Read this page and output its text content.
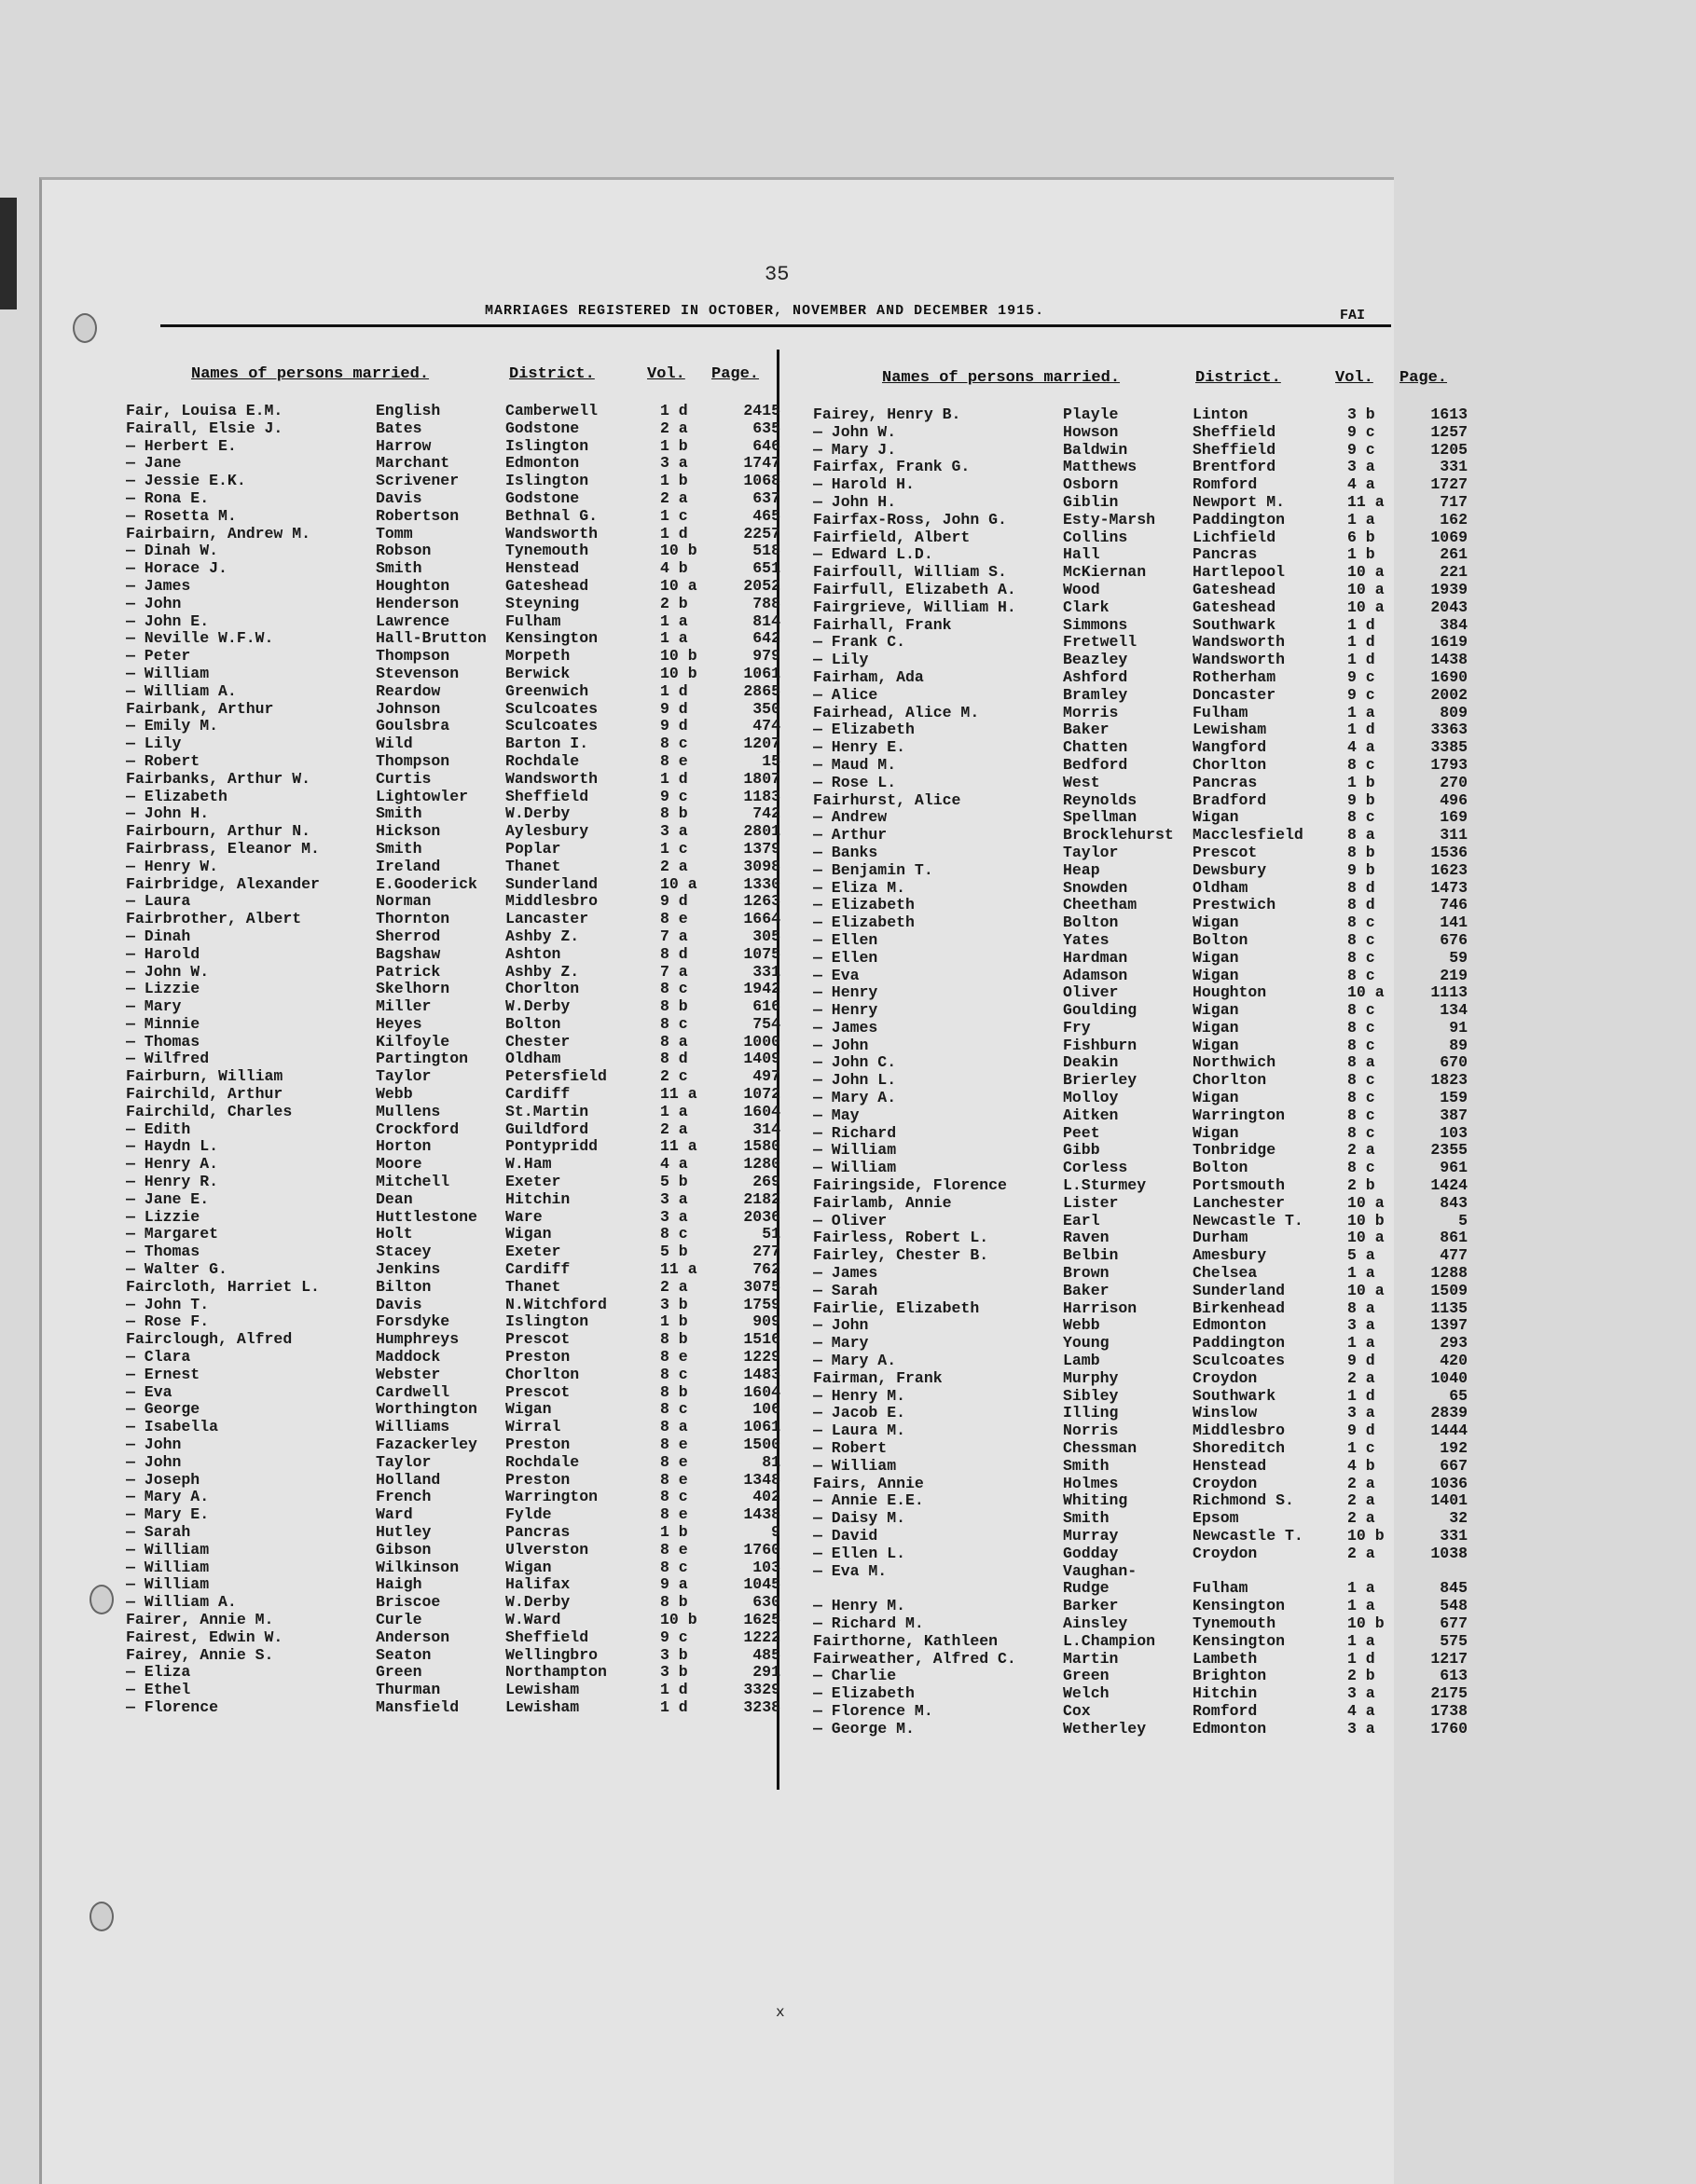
35
MARRIAGES REGISTERED IN OCTOBER, NOVEMBER AND DECEMBER 1915.	FAI
Names of persons married.	District.	Vol. Page.	Names of persons married.	District.	Vol. Page.
Fair, Louisa E.M.	English	Camberwell	1 d	2415
Fairall, Elsie J.	Bates	Godstone	2 a	635
— Herbert E.	Harrow	Islington	1 b	646
— Jane	Marchant	Edmonton	3 a	1747
— Jessie E.K.	Scrivener	Islington	1 b	1068
— Rona E.	Davis	Godstone	2 a	637
— Rosetta M.	Robertson	Bethnal G.	1 c	465
Fairbairn, Andrew M.	Tomm	Wandsworth	1 d	2257
— Dinah W.	Robson	Tynemouth	10 b	518
— Horace J.	Smith	Henstead	4 b	651
— James	Houghton	Gateshead	10 a	2052
— John	Henderson	Steyning	2 b	788
— John E.	Lawrence	Fulham	1 a	814
— Neville W.F.W.	Hall-Brutton	Kensington	1 a	642
— Peter	Thompson	Morpeth	10 b	979
— William	Stevenson	Berwick	10 b	1061
— William A.	Reardow	Greenwich	1 d	2865
Fairbank, Arthur	Johnson	Sculcoates	9 d	350
— Emily M.	Goulsbra	Sculcoates	9 d	474
— Lily	Wild	Barton I.	8 c	1207
— Robert	Thompson	Rochdale	8 e	15
Fairbanks, Arthur W.	Curtis	Wandsworth	1 d	1807
— Elizabeth	Lightowler	Sheffield	9 c	1183
— John H.	Smith	W.Derby	8 b	742
Fairbourn, Arthur N.	Hickson	Aylesbury	3 a	2801
Fairbrass, Eleanor M.	Smith	Poplar	1 c	1379
— Henry W.	Ireland	Thanet	2 a	3098
Fairbridge, Alexander	E.Gooderick	Sunderland	10 a	1330
— Laura	Norman	Middlesbro	9 d	1263
Fairbrother, Albert	Thornton	Lancaster	8 e	1664
— Dinah	Sherrod	Ashby Z.	7 a	305
— Harold	Bagshaw	Ashton	8 d	1075
— John W.	Patrick	Ashby Z.	7 a	331
— Lizzie	Skelhorn	Chorlton	8 c	1942
— Mary	Miller	W.Derby	8 b	616
— Minnie	Heyes	Bolton	8 c	754
— Thomas	Kilfoyle	Chester	8 a	1000
— Wilfred	Partington	Oldham	8 d	1409
Fairburn, William	Taylor	Petersfield	2 c	497
Fairchild, Arthur	Webb	Cardiff	11 a	1072
Fairchild, Charles	Mullens	St.Martin	1 a	1604
— Edith	Crockford	Guildford	2 a	314
— Haydn L.	Horton	Pontypridd	11 a	1580
— Henry A.	Moore	W.Ham	4 a	1280
— Henry R.	Mitchell	Exeter	5 b	269
— Jane E.	Dean	Hitchin	3 a	2182
— Lizzie	Huttlestone	Ware	3 a	2036
— Margaret	Holt	Wigan	8 c	51
— Thomas	Stacey	Exeter	5 b	277
— Walter G.	Jenkins	Cardiff	11 a	762
Faircloth, Harriet L.	Bilton	Thanet	2 a	3075
— John T.	Davis	N.Witchford	3 b	1759
— Rose F.	Forsdyke	Islington	1 b	909
Fairclough, Alfred	Humphreys	Prescot	8 b	1516
— Clara	Maddock	Preston	8 e	1229
— Ernest	Webster	Chorlton	8 c	1483
— Eva	Cardwell	Prescot	8 b	1604
— George	Worthington	Wigan	8 c	106
— Isabella	Williams	Wirral	8 a	1061
— John	Fazackerley	Preston	8 e	1500
— John	Taylor	Rochdale	8 e	81
— Joseph	Holland	Preston	8 e	1348
— Mary A.	French	Warrington	8 c	402
— Mary E.	Ward	Fylde	8 e	1438
— Sarah	Hutley	Pancras	1 b	9
— William	Gibson	Ulverston	8 e	1760
— William	Wilkinson	Wigan	8 c	103
— William	Haigh	Halifax	9 a	1045
— William A.	Briscoe	W.Derby	8 b	630
Fairer, Annie M.	Curle	W.Ward	10 b	1625
Fairest, Edwin W.	Anderson	Sheffield	9 c	1222
Fairey, Annie S.	Seaton	Wellingbro	3 b	485
— Eliza	Green	Northampton	3 b	291
— Ethel	Thurman	Lewisham	1 d	3329
— Florence	Mansfield	Lewisham	1 d	3238
Fairey, Henry B.	Playle	Linton	3 b	1613
— John W.	Howson	Sheffield	9 c	1257
— Mary J.	Baldwin	Sheffield	9 c	1205
Fairfax, Frank G.	Matthews	Brentford	3 a	331
— Harold H.	Osborn	Romford	4 a	1727
— John H.	Giblin	Newport M.	11 a	717
Fairfax-Ross, John G.	Esty-Marsh	Paddington	1 a	162
Fairfield, Albert	Collins	Lichfield	6 b	1069
— Edward L.D.	Hall	Pancras	1 b	261
Fairfoull, William S.	McKiernan	Hartlepool	10 a	221
Fairfull, Elizabeth A.	Wood	Gateshead	10 a	1939
Fairgrieve, William H.	Clark	Gateshead	10 a	2043
Fairhall, Frank	Simmons	Southwark	1 d	384
— Frank C.	Fretwell	Wandsworth	1 d	1619
— Lily	Beazley	Wandsworth	1 d	1438
Fairham, Ada	Ashford	Rotherham	9 c	1690
— Alice	Bramley	Doncaster	9 c	2002
Fairhead, Alice M.	Morris	Fulham	1 a	809
— Elizabeth	Baker	Lewisham	1 d	3363
— Henry E.	Chatten	Wangford	4 a	3385
— Maud M.	Bedford	Chorlton	8 c	1793
— Rose L.	West	Pancras	1 b	270
Fairhurst, Alice	Reynolds	Bradford	9 b	496
— Andrew	Spellman	Wigan	8 c	169
— Arthur	Brocklehurst	Macclesfield	8 a	311
— Banks	Taylor	Prescot	8 b	1536
— Benjamin T.	Heap	Dewsbury	9 b	1623
— Eliza M.	Snowden	Oldham	8 d	1473
— Elizabeth	Cheetham	Prestwich	8 d	746
— Elizabeth	Bolton	Wigan	8 c	141
— Ellen	Yates	Bolton	8 c	676
— Ellen	Hardman	Wigan	8 c	59
— Eva	Adamson	Wigan	8 c	219
— Henry	Oliver	Houghton	10 a	1113
— Henry	Goulding	Wigan	8 c	134
— James	Fry	Wigan	8 c	91
— John	Fishburn	Wigan	8 c	89
— John C.	Deakin	Northwich	8 a	670
— John L.	Brierley	Chorlton	8 c	1823
— Mary A.	Molloy	Wigan	8 c	159
— May	Aitken	Warrington	8 c	387
— Richard	Peet	Wigan	8 c	103
— William	Gibb	Tonbridge	2 a	2355
— William	Corless	Bolton	8 c	961
Fairingside, Florence	L.Sturmey	Portsmouth	2 b	1424
Fairlamb, Annie	Lister	Lanchester	10 a	843
— Oliver	Earl	Newcastle T.	10 b	5
Fairless, Robert L.	Raven	Durham	10 a	861
Fairley, Chester B.	Belbin	Amesbury	5 a	477
— James	Brown	Chelsea	1 a	1288
— Sarah	Baker	Sunderland	10 a	1509
Fairlie, Elizabeth	Harrison	Birkenhead	8 a	1135
— John	Webb	Edmonton	3 a	1397
— Mary	Young	Paddington	1 a	293
— Mary A.	Lamb	Sculcoates	9 d	420
Fairman, Frank	Murphy	Croydon	2 a	1040
— Henry M.	Sibley	Southwark	1 d	65
— Jacob E.	Illing	Winslow	3 a	2839
— Laura M.	Norris	Middlesbro	9 d	1444
— Robert	Chessman	Shoreditch	1 c	192
— William	Smith	Henstead	4 b	667
Fairs, Annie	Holmes	Croydon	2 a	1036
— Annie E.E.	Whiting	Richmond S.	2 a	1401
— Daisy M.	Smith	Epsom	2 a	32
— David	Murray	Newcastle T.	10 b	331
— Ellen L.	Godday	Croydon	2 a	1038
— Eva M.	Vaughan-
Rudge	Fulham	1 a	845
— Henry M.	Barker	Kensington	1 a	548
— Richard M.	Ainsley	Tynemouth	10 b	677
Fairthorne, Kathleen	L.Champion	Kensington	1 a	575
Fairweather, Alfred C.	Martin	Lambeth	1 d	1217
— Charlie	Green	Brighton	2 b	613
— Elizabeth	Welch	Hitchin	3 a	2175
— Florence M.	Cox	Romford	4 a	1738
— George M.	Wetherley	Edmonton	3 a	1760
x
